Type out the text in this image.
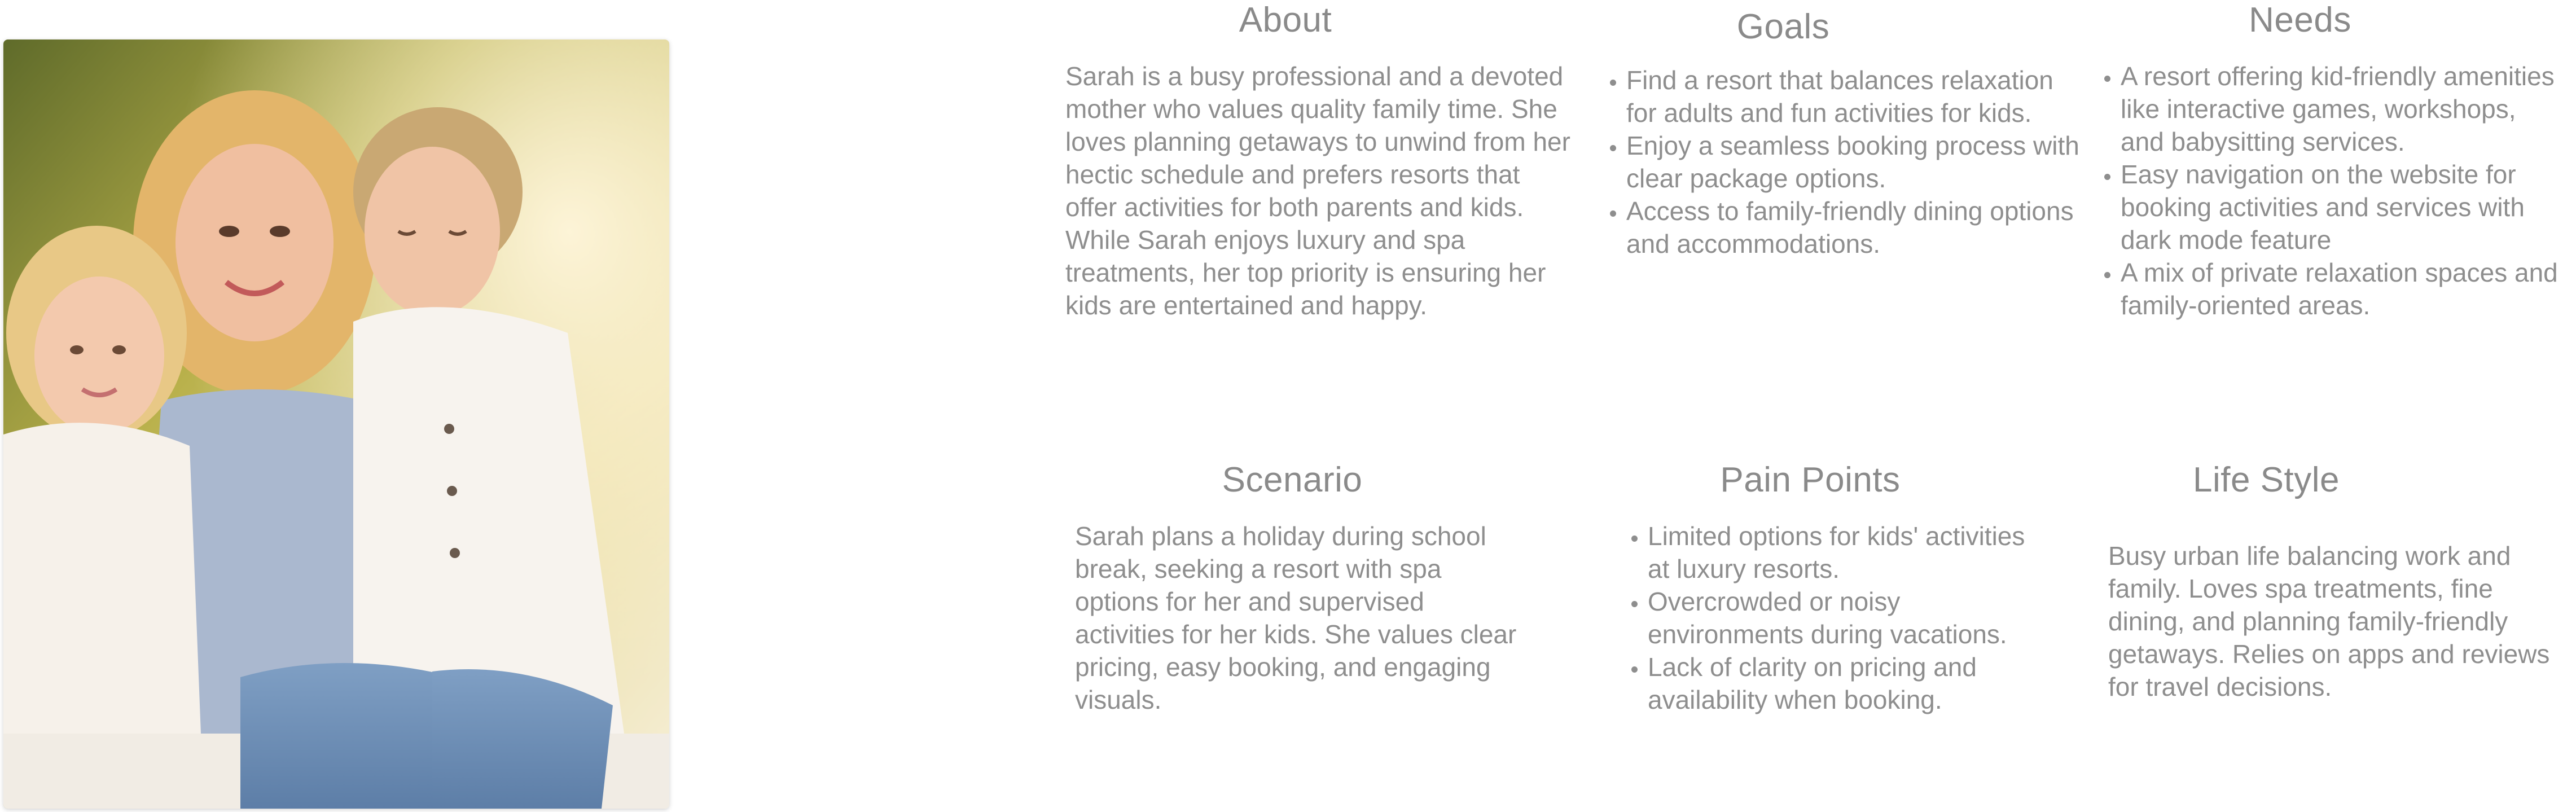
About

Sarah is a busy professional and a devoted mother who values quality family time. She loves planning getaways to unwind from her hectic schedule and prefers resorts that offer activities for both parents and kids. While Sarah enjoys luxury and spa treatments, her top priority is ensuring her kids are entertained and happy.

Goals
• Find a resort that balances relaxation for adults and fun activities for kids.
• Enjoy a seamless booking process with clear package options.
• Access to family-friendly dining options and accommodations.
Needs
• A resort offering kid-friendly amenities like interactive games, workshops, and babysitting services.
• Easy navigation on the website for booking activities and services with dark mode feature
• A mix of private relaxation spaces and family-oriented areas.
Scenario

Sarah plans a holiday during school break, seeking a resort with spa options for her and supervised activities for her kids. She values clear pricing, easy booking, and engaging visuals.

Pain Points
• Limited options for kids' activities at luxury resorts.
• Overcrowded or noisy environments during vacations.
• Lack of clarity on pricing and availability when booking.
Life Style

Busy urban life balancing work and family. Loves spa treatments, fine dining, and planning family-friendly getaways. Relies on apps and reviews for travel decisions.
